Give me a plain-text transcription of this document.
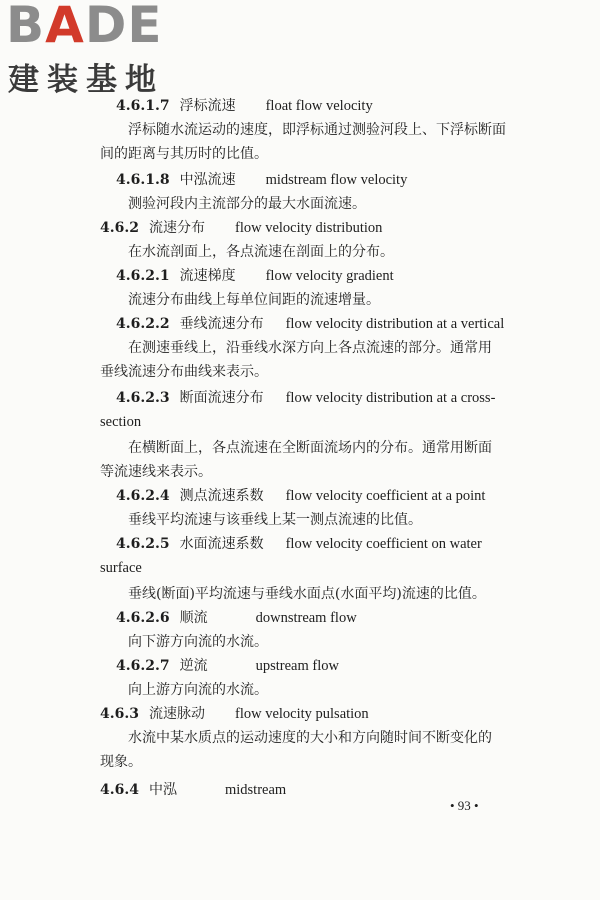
BADE
建装基地
4.6.1.7 浮标流速 float flow velocity
浮标随水流运动的速度，即浮标通过测验河段上、下浮标断面
间的距离与其历时的比值。
4.6.1.8 中泓流速 midstream flow velocity
测验河段内主流部分的最大水面流速。
4.6.2 流速分布 flow velocity distribution
在水流剖面上，各点流速在剖面上的分布。
4.6.2.1 流速梯度 flow velocity gradient
流速分布曲线上每单位间距的流速增量。
4.6.2.2 垂线流速分布 flow velocity distribution at a vertical
在测速垂线上，沿垂线水深方向上各点流速的部分。通常用
垂线流速分布曲线来表示。
4.6.2.3 断面流速分布 flow velocity distribution at a cross-
section
在横断面上，各点流速在全断面流场内的分布。通常用断面
等流速线来表示。
4.6.2.4 测点流速系数 flow velocity coefficient at a point
垂线平均流速与该垂线上某一测点流速的比值。
4.6.2.5 水面流速系数 flow velocity coefficient on water
surface
垂线(断面)平均流速与垂线水面点(水面平均)流速的比值。
4.6.2.6 顺流	downstream flow
向下游方向流的水流。
4.6.2.7 逆流	upstream flow
向上游方向流的水流。
4.6.3 流速脉动 flow velocity pulsation
水流中某水质点的运动速度的大小和方向随时间不断变化的
现象。
4.6.4 中泓	midstream
• 93 •
